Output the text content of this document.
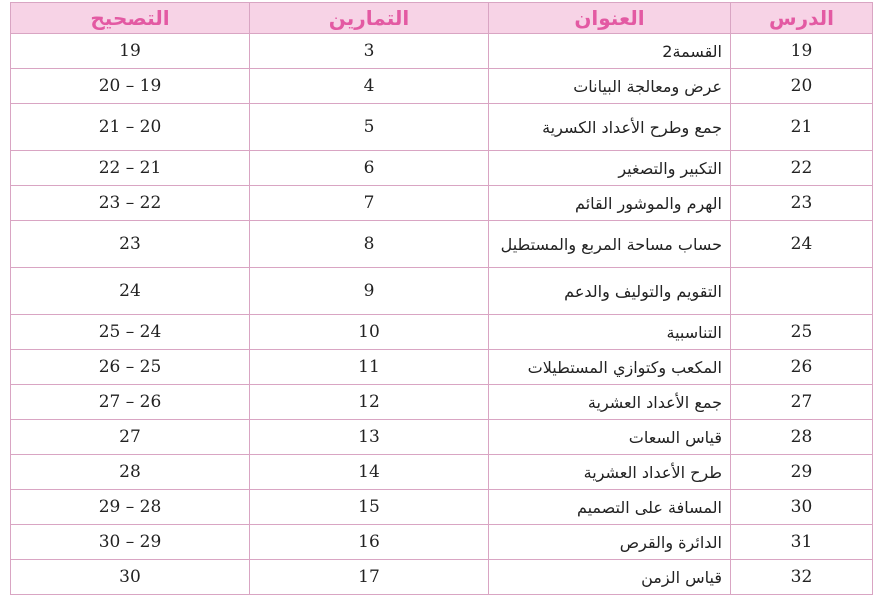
الدرس	العنوان	التمارين	التصحيح
19	القسمة2	3	19
20	عرض ومعالجة البيانات	4	20 – 19
21	جمع وطرح الأعداد الكسرية	5	21 – 20
22	التكبير والتصغير	6	22 – 21
23	الهرم والموشور القائم	7	23 – 22
24	حساب مساحة المربع والمستطيل	8	23
	التقويم والتوليف والدعم	9	24
25	التناسبية	10	25 – 24
26	المكعب وكتوازي المستطيلات	11	26 – 25
27	جمع الأعداد العشرية	12	27 – 26
28	قياس السعات	13	27
29	طرح الأعداد العشرية	14	28
30	المسافة على التصميم	15	29 – 28
31	الدائرة والقرص	16	30 – 29
32	قياس الزمن	17	30
